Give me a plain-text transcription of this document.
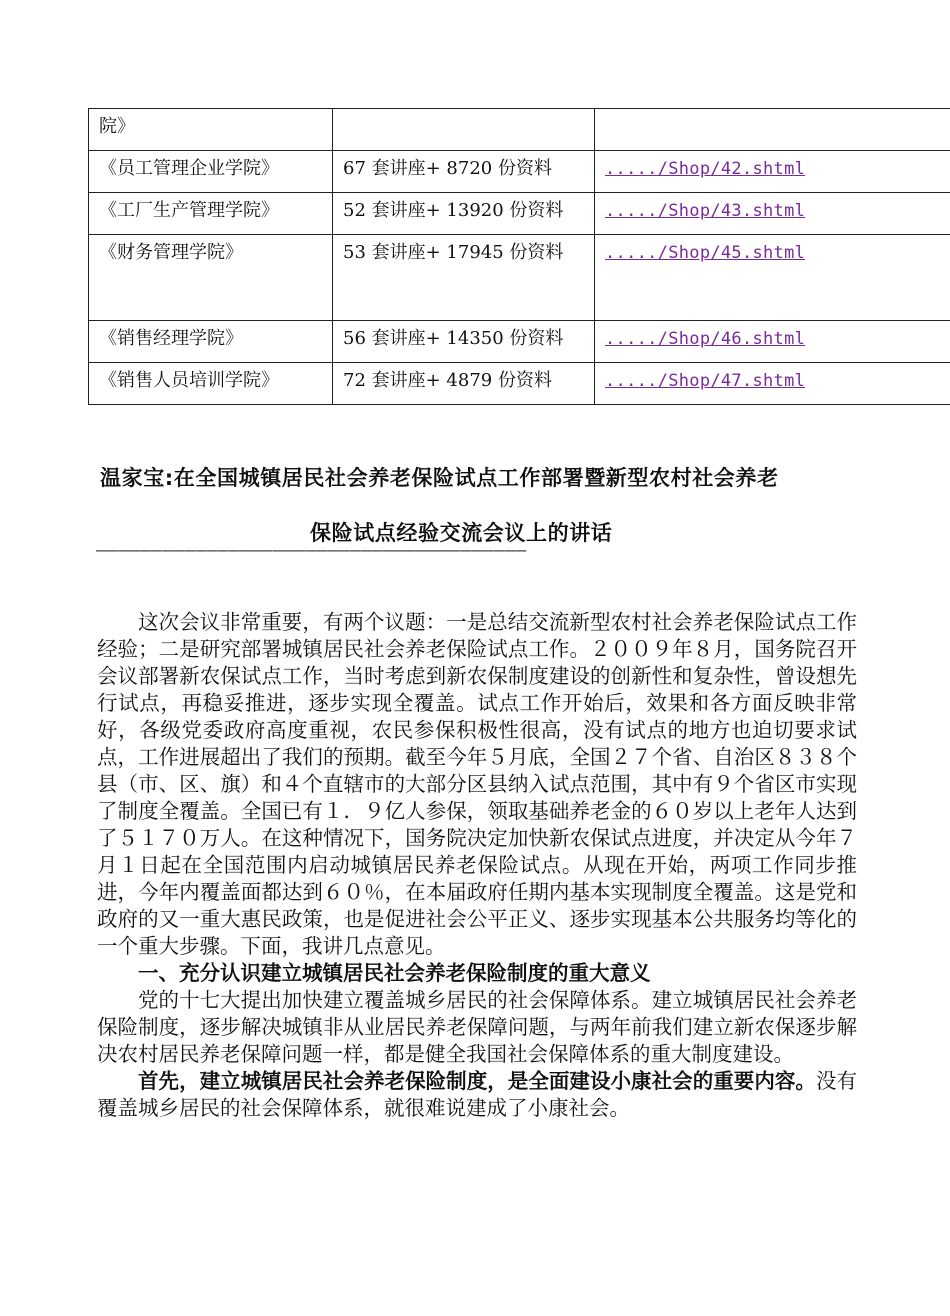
院》		

《员工管理企业学院》	67 套讲座+ 8720 份资料	...../Shop/42.shtml

《工厂生产管理学院》	52 套讲座+ 13920 份资料	...../Shop/43.shtml

《财务管理学院》	53 套讲座+ 17945 份资料	...../Shop/45.shtml

《销售经理学院》	56 套讲座+ 14350 份资料	...../Shop/46.shtml

《销售人员培训学院》	72 套讲座+ 4879 份资料	...../Shop/47.shtml
温家宝:在全国城镇居民社会养老保险试点工作部署暨新型农村社会养老
保险试点经验交流会议上的讲话
———————————————————————————————————————

这次会议非常重要，有两个议题：一是总结交流新型农村社会养老保险试点工作经验；二是研究部署城镇居民社会养老保险试点工作。２００９年８月，国务院召开会议部署新农保试点工作，当时考虑到新农保制度建设的创新性和复杂性，曾设想先行试点，再稳妥推进，逐步实现全覆盖。试点工作开始后，效果和各方面反映非常好，各级党委政府高度重视，农民参保积极性很高，没有试点的地方也迫切要求试点，工作进展超出了我们的预期。截至今年５月底，全国２７个省、自治区８３８个县（市、区、旗）和４个直辖市的大部分区县纳入试点范围，其中有９个省区市实现了制度全覆盖。全国已有１．９亿人参保，领取基础养老金的６０岁以上老年人达到了５１７０万人。在这种情况下，国务院决定加快新农保试点进度，并决定从今年７月１日起在全国范围内启动城镇居民养老保险试点。从现在开始，两项工作同步推进，今年内覆盖面都达到６０％，在本届政府任期内基本实现制度全覆盖。这是党和政府的又一重大惠民政策，也是促进社会公平正义、逐步实现基本公共服务均等化的一个重大步骤。下面，我讲几点意见。

一、充分认识建立城镇居民社会养老保险制度的重大意义

党的十七大提出加快建立覆盖城乡居民的社会保障体系。建立城镇居民社会养老保险制度，逐步解决城镇非从业居民养老保障问题，与两年前我们建立新农保逐步解决农村居民养老保障问题一样，都是健全我国社会保障体系的重大制度建设。

首先，建立城镇居民社会养老保险制度，是全面建设小康社会的重要内容。没有覆盖城乡居民的社会保障体系，就很难说建成了小康社会。
